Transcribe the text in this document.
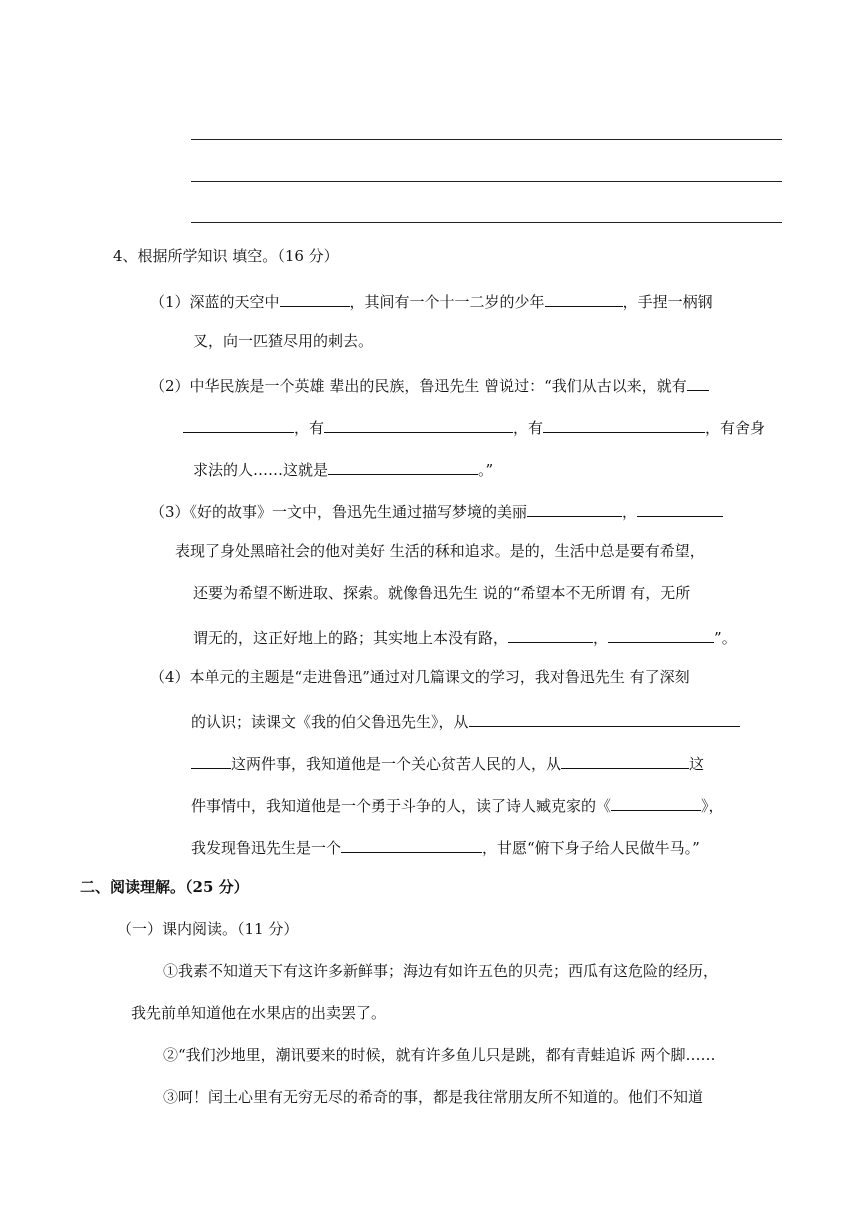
4、根据所学知识 填空。（16 分）
（1）深蓝的天空中	，其间有一个十一二岁的少年	，手捏一柄钢
叉，向一匹猹尽用的刺去。
（2）中华民族是一个英雄 辈出的民族，鲁迅先生 曾说过：“我们从古以来，就有
，有	，有	，有舍身
求法的人……这就是	。”
（3）《好的故事》一文中，鲁迅先生通过描写梦境的美丽	，
表现了身处黑暗社会的他对美好 生活的秝和追求。是的，生活中总是要有希望，
还要为希望不断进取、探索。就像鲁迅先生 说的“希望本不无所谓 有，无所
谓无的，这正好地上的路；其实地上本没有路，	，	”。
（4）本单元的主题是“走进鲁迅”通过对几篇课文的学习，我对鲁迅先生 有了深刻
的认识；读课文《我的伯父鲁迅先生》，从
这两件事，我知道他是一个关心贫苦人民的人，从	这
件事情中，我知道他是一个勇于斗争的人，读了诗人臧克家的《	》，
我发现鲁迅先生是一个	，甘愿“俯下身子给人民做牛马。”
二、阅读理解。（25 分）
（一）课内阅读。（11 分）
①我素不知道天下有这许多新鲜事；海边有如许五色的贝壳；西瓜有这危险的经历，
我先前单知道他在水果店的出卖罢了。
②“我们沙地里，潮讯要来的时候，就有许多鱼儿只是跳，都有青蛙追诉 两个脚……
③呵！闰土心里有无穷无尽的希奇的事，都是我往常朋友所不知道的。他们不知道
